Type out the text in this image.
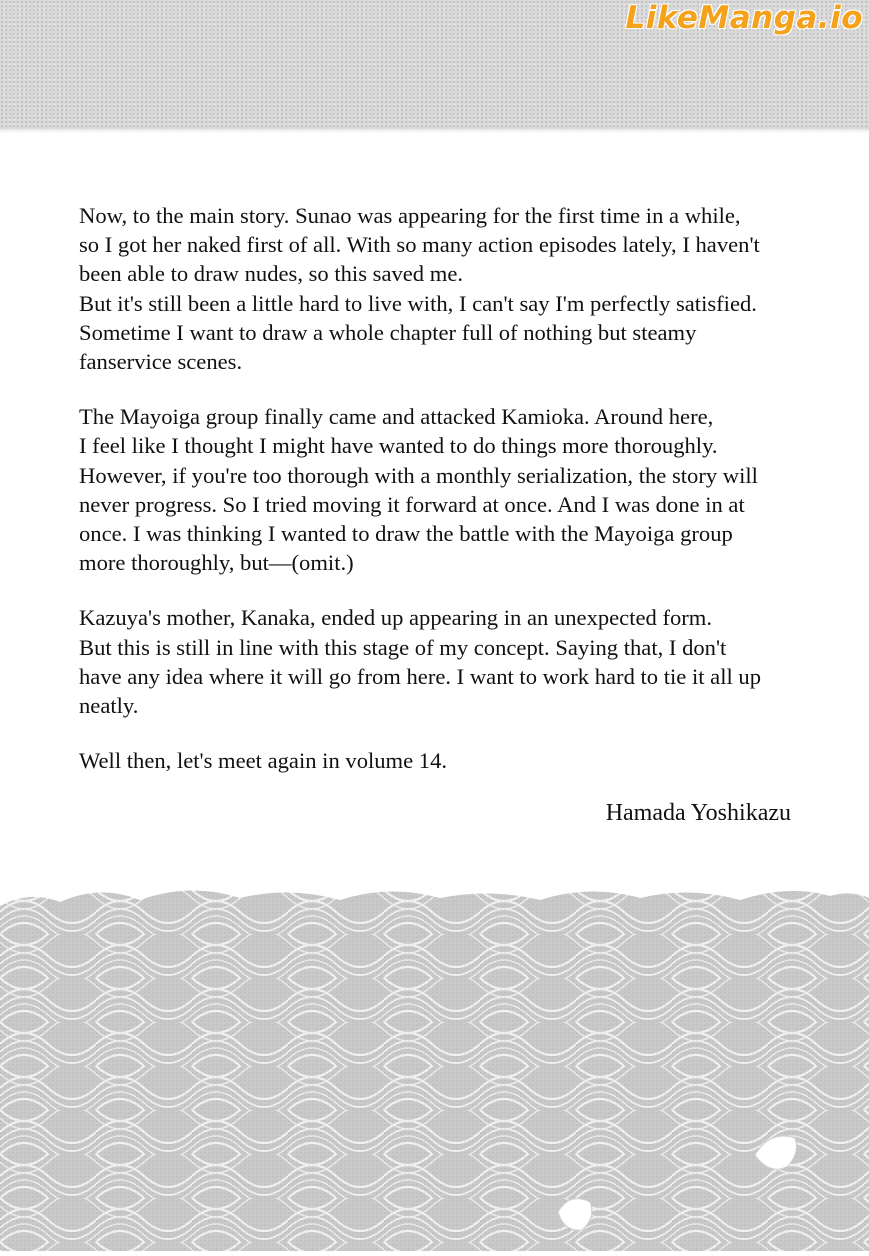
LikeManga.io

Now, to the main story. Sunao was appearing for the first time in a while,
so I got her naked first of all. With so many action episodes lately, I haven't
been able to draw nudes, so this saved me.
But it's still been a little hard to live with, I can't say I'm perfectly satisfied.
Sometime I want to draw a whole chapter full of nothing but steamy
fanservice scenes.

The Mayoiga group finally came and attacked Kamioka. Around here,
I feel like I thought I might have wanted to do things more thoroughly.
However, if you're too thorough with a monthly serialization, the story will
never progress. So I tried moving it forward at once. And I was done in at
once. I was thinking I wanted to draw the battle with the Mayoiga group
more thoroughly, but—(omit.)

Kazuya's mother, Kanaka, ended up appearing in an unexpected form.
But this is still in line with this stage of my concept. Saying that, I don't
have any idea where it will go from here. I want to work hard to tie it all up
neatly.

Well then, let's meet again in volume 14.

Hamada Yoshikazu
